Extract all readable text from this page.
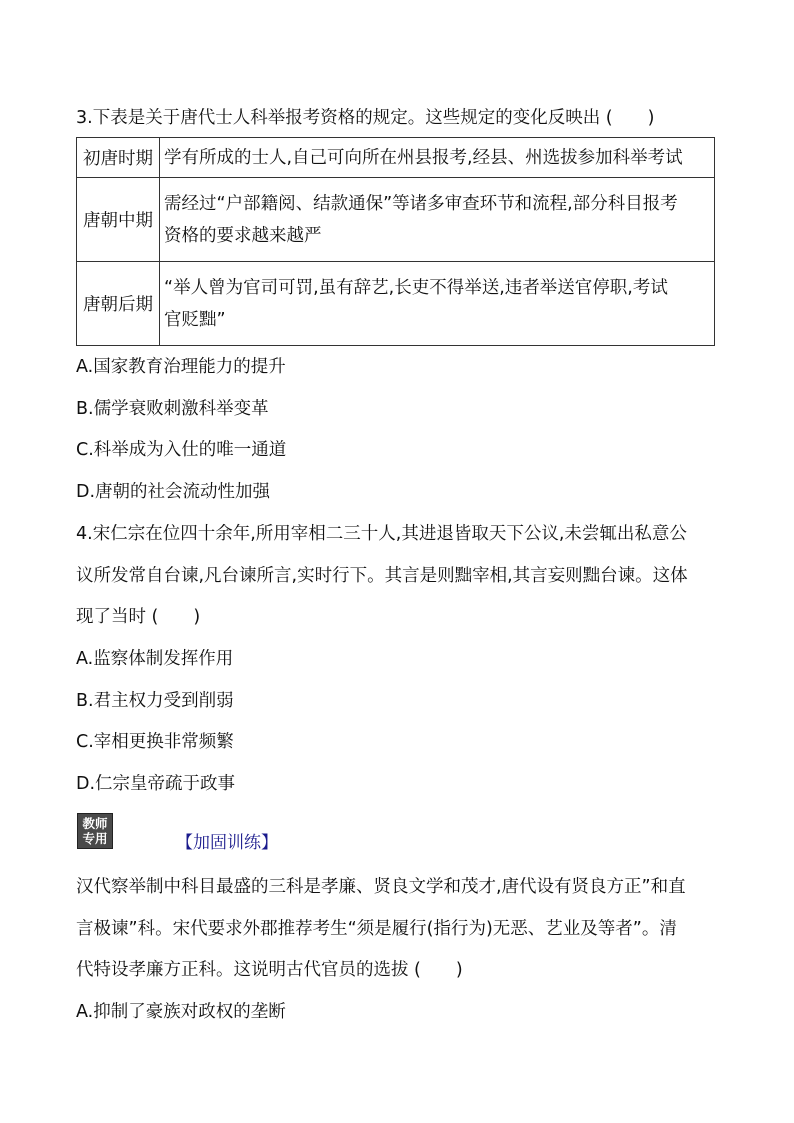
3.下表是关于唐代士人科举报考资格的规定。这些规定的变化反映出 (　　)
初唐时期	学有所成的士人,自己可向所在州县报考,经县、州选拔参加科举考试
唐朝中期	需经过“户部籍阅、结款通保”等诸多审查环节和流程,部分科目报考
资格的要求越来越严

唐朝后期	“举人曾为官司可罚,虽有辞艺,长吏不得举送,违者举送官停职,考试
官贬黜”
A.国家教育治理能力的提升
B.儒学衰败刺激科举变革
C.科举成为入仕的唯一通道
D.唐朝的社会流动性加强
4.宋仁宗在位四十余年,所用宰相二三十人,其进退皆取天下公议,未尝辄出私意公
议所发常自台谏,凡台谏所言,实时行下。其言是则黜宰相,其言妄则黜台谏。这体
现了当时 (　　)
A.监察体制发挥作用
B.君主权力受到削弱
C.宰相更换非常频繁
D.仁宗皇帝疏于政事
教师
专用	【加固训练】
汉代察举制中科目最盛的三科是孝廉、贤良文学和茂才,唐代设有贤良方正”和直
言极谏”科。宋代要求外郡推荐考生“须是履行(指行为)无恶、艺业及等者”。清
代特设孝廉方正科。这说明古代官员的选拔 (　　)
A.抑制了豪族对政权的垄断
